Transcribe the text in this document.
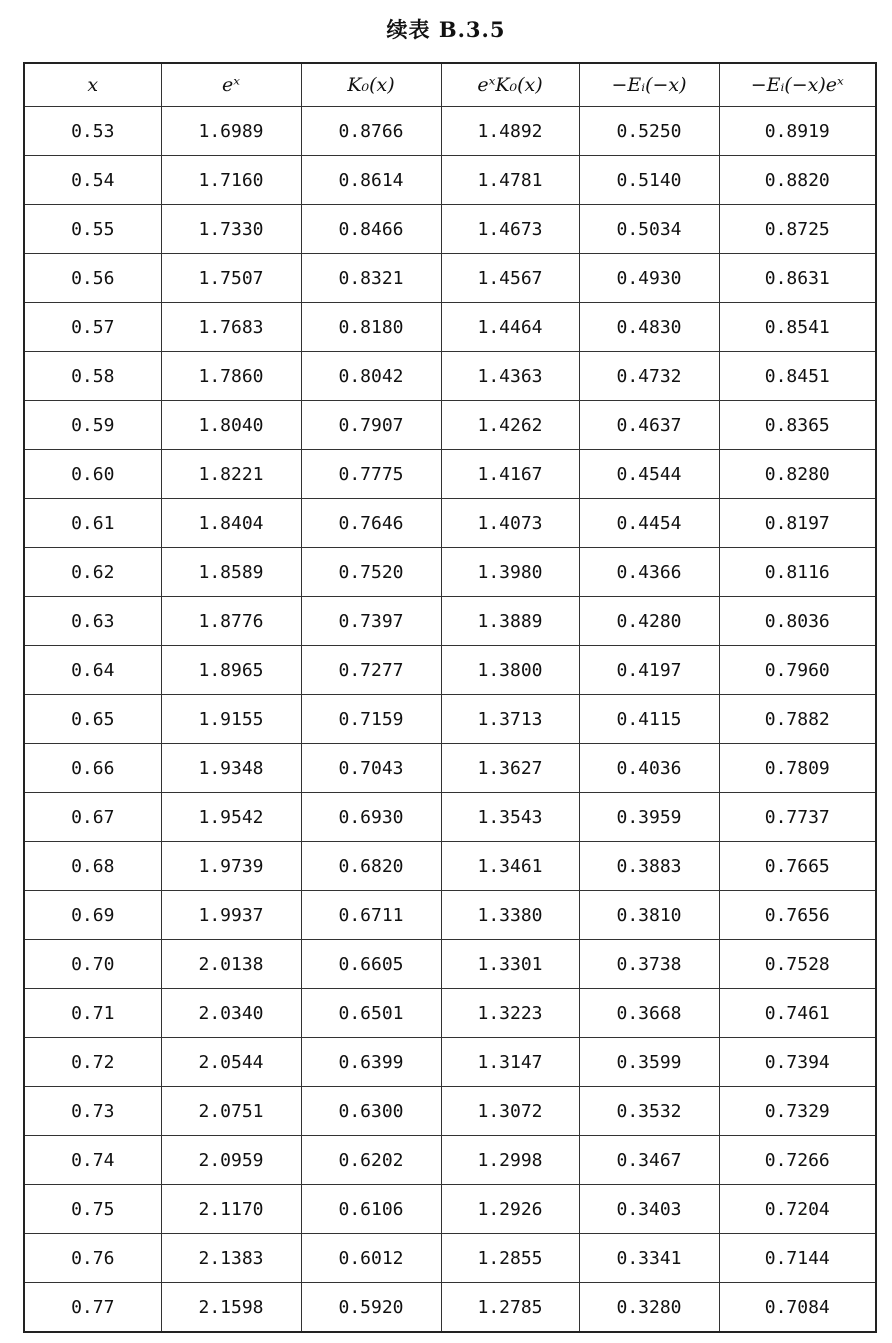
续表 B.3.5
x	eˣ	K₀(x)	eˣK₀(x)	−Eᵢ(−x)	−Eᵢ(−x)eˣ
0.53	1.6989	0.8766	1.4892	0.5250	0.8919
0.54	1.7160	0.8614	1.4781	0.5140	0.8820
0.55	1.7330	0.8466	1.4673	0.5034	0.8725
0.56	1.7507	0.8321	1.4567	0.4930	0.8631
0.57	1.7683	0.8180	1.4464	0.4830	0.8541
0.58	1.7860	0.8042	1.4363	0.4732	0.8451
0.59	1.8040	0.7907	1.4262	0.4637	0.8365
0.60	1.8221	0.7775	1.4167	0.4544	0.8280
0.61	1.8404	0.7646	1.4073	0.4454	0.8197
0.62	1.8589	0.7520	1.3980	0.4366	0.8116
0.63	1.8776	0.7397	1.3889	0.4280	0.8036
0.64	1.8965	0.7277	1.3800	0.4197	0.7960
0.65	1.9155	0.7159	1.3713	0.4115	0.7882
0.66	1.9348	0.7043	1.3627	0.4036	0.7809
0.67	1.9542	0.6930	1.3543	0.3959	0.7737
0.68	1.9739	0.6820	1.3461	0.3883	0.7665
0.69	1.9937	0.6711	1.3380	0.3810	0.7656
0.70	2.0138	0.6605	1.3301	0.3738	0.7528
0.71	2.0340	0.6501	1.3223	0.3668	0.7461
0.72	2.0544	0.6399	1.3147	0.3599	0.7394
0.73	2.0751	0.6300	1.3072	0.3532	0.7329
0.74	2.0959	0.6202	1.2998	0.3467	0.7266
0.75	2.1170	0.6106	1.2926	0.3403	0.7204
0.76	2.1383	0.6012	1.2855	0.3341	0.7144
0.77	2.1598	0.5920	1.2785	0.3280	0.7084
